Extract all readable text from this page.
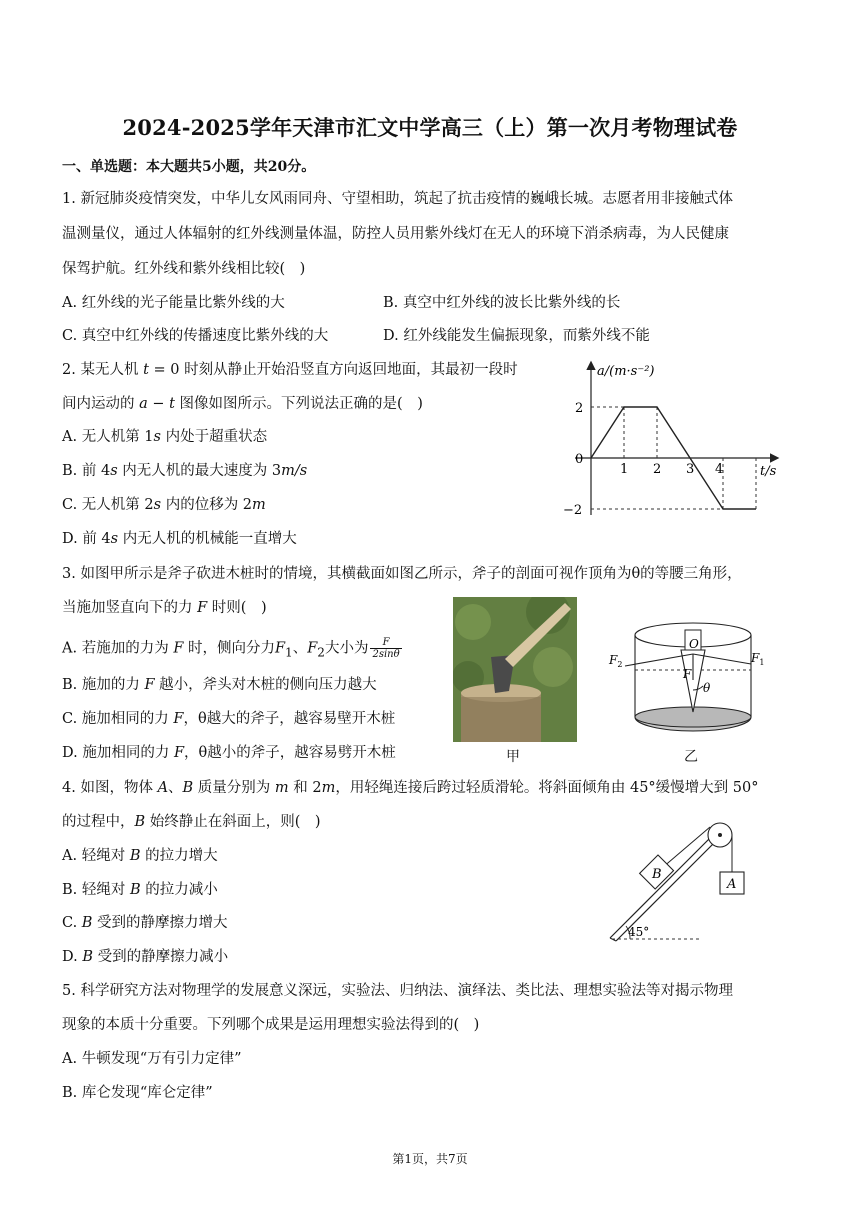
2024-2025学年天津市汇文中学高三（上）第一次月考物理试卷
一、单选题：本大题共5小题，共20分。
1. 新冠肺炎疫情突发，中华儿女风雨同舟、守望相助，筑起了抗击疫情的巍峨长城。志愿者用非接触式体
温测量仪，通过人体辐射的红外线测量体温，防控人员用紫外线灯在无人的环境下消杀病毒，为人民健康
保驾护航。红外线和紫外线相比较(　)
A. 红外线的光子能量比紫外线的大	B. 真空中红外线的波长比紫外线的长
C. 真空中红外线的传播速度比紫外线的大	D. 红外线能发生偏振现象，而紫外线不能
2. 某无人机 t = 0 时刻从静止开始沿竖直方向返回地面，其最初一段时
间内运动的 a − t 图像如图所示。下列说法正确的是(　)
A. 无人机第 1s 内处于超重状态
B. 前 4s 内无人机的最大速度为 3m/s
C. 无人机第 2s 内的位移为 2m
D. 前 4s 内无人机的机械能一直增大
a/(m·s⁻²)
t/s
2
0
−2
1 2 3 4
3. 如图甲所示是斧子砍进木桩时的情境，其横截面如图乙所示，斧子的剖面可视作顶角为θ的等腰三角形，
当施加竖直向下的力 F 时则(　)
A. 若施加的力为 F 时，侧向分力$F_1$、$F_2$大小为 $\frac{F}{2\sin\theta}$
B. 施加的力 F 越小，斧头对木桩的侧向压力越大
C. 施加相同的力 F，θ越大的斧子，越容易壁开木桩
D. 施加相同的力 F，θ越小的斧子，越容易劈开木桩	甲
O
F
$F_2$	$F_1$
θ
乙
4. 如图，物体 A、B 质量分别为 m 和 2m，用轻绳连接后跨过轻质滑轮。将斜面倾角由 45°缓慢增大到 50°
的过程中，B 始终静止在斜面上，则(　)
A. 轻绳对 B 的拉力增大
B. 轻绳对 B 的拉力减小
C. B 受到的静摩擦力增大
D. B 受到的静摩擦力减小
B
A
45°
5. 科学研究方法对物理学的发展意义深远，实验法、归纳法、演绎法、类比法、理想实验法等对揭示物理
现象的本质十分重要。下列哪个成果是运用理想实验法得到的(　)
A. 牛顿发现“万有引力定律”
B. 库仑发现“库仑定律”
第1页，共7页
